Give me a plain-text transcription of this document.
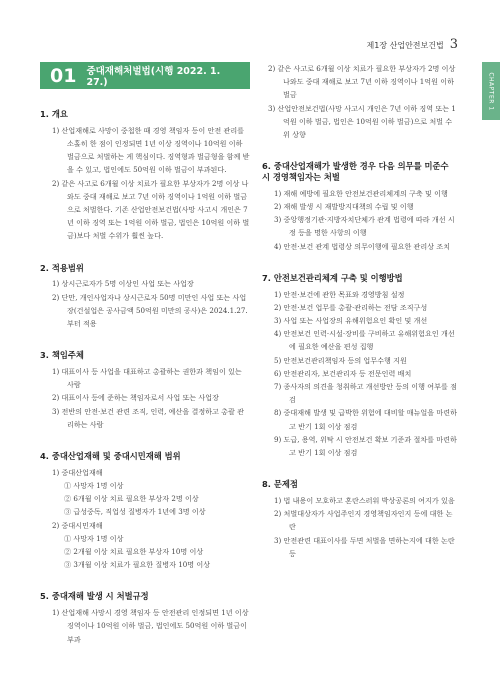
제1장 산업안전보건법 3
CHAPTER 1
01 중대재해처벌법(시행 2022. 1. 27.)
1. 개요
1) 산업재해로 사망이 중첩한 때 경영 책임자 등이 안전 관리를 소홀히 한 점이 인정되면 1년 이상 징역이나 10억원 이하 벌금으로 처벌하는 게 핵심이다. 징역형과 벌금형을 함께 받을 수 있고, 법인에도 50억원 이하 벌금이 부과된다.
2) 같은 사고로 6개월 이상 치료가 필요한 부상자가 2명 이상 나와도 중대 재해로 보고 7년 이하 징역이나 1억원 이하 벌금으로 처벌한다. 기존 산업안전보건법(사망 사고시 개인은 7년 이하 징역 또는 1억원 이하 벌금, 법인은 10억원 이하 벌금)보다 처벌 수위가 훨씬 높다.
2. 적용범위
1) 상시근로자가 5명 이상인 사업 또는 사업장
2) 단만, 개인사업자나 상시근로자 50명 미만인 사업 또는 사업장(건설업은 공사금액 50억원 미만의 공사)은 2024.1.27.부터 적용
3. 책임주체
1) 대표이사 등 사업을 대표하고 총괄하는 권한과 책임이 있는 사람
2) 대표이사 등에 준하는 책임자로서 사업 또는 사업장
3) 전반의 안전·보건 관련 조직, 인력, 예산을 결정하고 총괄 관리하는 사람
4. 중대산업재해 및 중대시민재해 범위
1) 중대산업재해
① 사망자 1명 이상
② 6개월 이상 치료 필요한 부상자 2명 이상
③ 급성중독, 직업성 질병자가 1년에 3명 이상
2) 중대시민재해
① 사망자 1명 이상
② 2개월 이상 치료 필요한 부상자 10명 이상
③ 3개월 이상 치료가 필요한 질병자 10명 이상
5. 중대재해 발생 시 처벌규정
1) 산업재해 사망시 경영 책임자 등 안전관리 인정되면 1년 이상 징역이나 10억원 이하 벌금, 법인에도 50억원 이하 벌금이 부과
2) 같은 사고로 6개월 이상 치료가 필요한 부상자가 2명 이상 나와도 중대 재해로 보고 7년 이하 징역이나 1억원 이하 벌금
3) 산업안전보건법(사망 사고시 개인은 7년 이하 징역 또는 1억원 이하 벌금, 법인은 10억원 이하 벌금)으로 처벌 수위 상향
6. 중대산업재해가 발생한 경우 다음 의무를 미준수 시 경영책임자는 처벌
1) 재해 예방에 필요한 안전보건관리체계의 구축 및 이행
2) 재해 발생 시 재발방지대책의 수립 및 이행
3) 중앙행정기관·지방자치단체가 관계 법령에 따라 개선 시정 등을 명한 사항의 이행
4) 안전·보건 관계 법령상 의무이행에 필요한 관리상 조치
7. 안전보건관리체계 구축 및 이행방법
1) 안전·보건에 관한 목표와 경영방침 설정
2) 안전·보건 업무를 총괄·관리하는 전담 조직구성
3) 사업 또는 사업장의 유해위험요인 확인 및 개선
4) 안전보건 인력·시설·장비를 구비하고 유해위험요인 개선에 필요한 예산을 편성 집행
5) 안전보건관리책임자 등의 업무수행 지원
6) 안전관리자, 보건관리자 등 전문인력 배치
7) 종사자의 의견을 청취하고 개선방안 등의 이행 여부를 점검
8) 중대재해 발생 및 급박한 위험에 대비할 매뉴얼을 마련하고 반기 1회 이상 점검
9) 도급, 용역, 위탁 시 안전보건 확보 기준과 절차를 마련하고 반기 1회 이상 점검
8. 문제점
1) 법 내용이 모호하고 혼란스러워 박상공론의 여지가 있음
2) 처벌대상자가 사업주인지 경영책임자인지 등에 대한 논란
3) 안전관련 대표이사를 두면 처벌을 면하는지에 대한 논란 등
